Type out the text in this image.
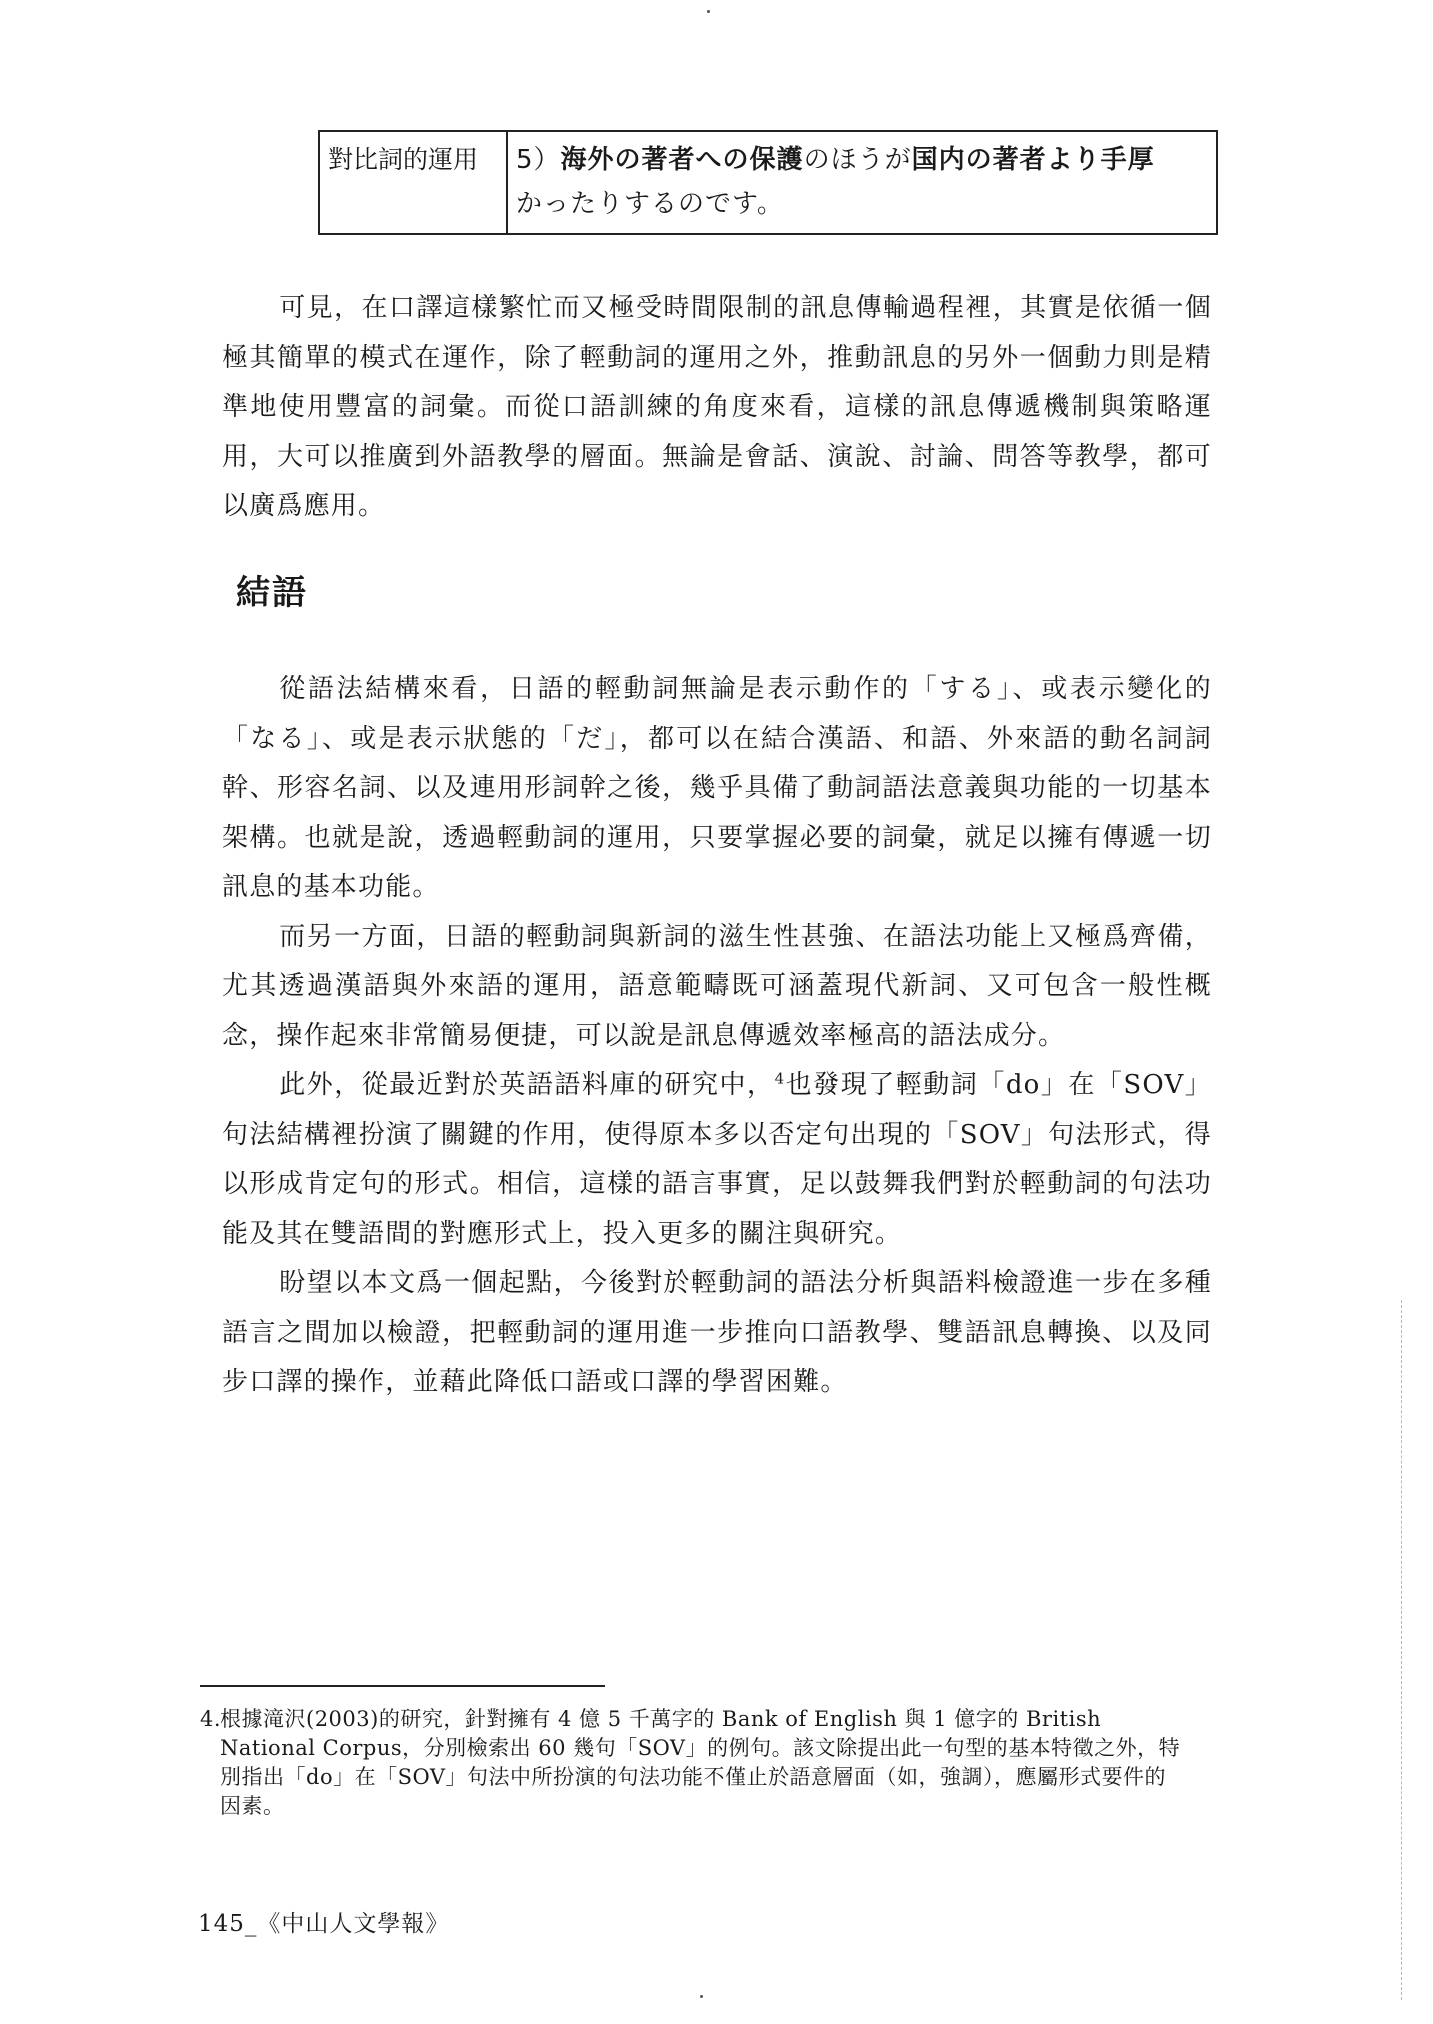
對比詞的運用	5）海外の著者への保護のほうが国内の著者より手厚
かったりするのです。

可見，在口譯這樣繁忙而又極受時間限制的訊息傳輸過程裡，其實是依循一個極其簡單的模式在運作，除了輕動詞的運用之外，推動訊息的另外一個動力則是精準地使用豐富的詞彙。而從口語訓練的角度來看，這樣的訊息傳遞機制與策略運用，大可以推廣到外語教學的層面。無論是會話、演說、討論、問答等教學，都可以廣爲應用。

結語

從語法結構來看，日語的輕動詞無論是表示動作的「する」、或表示變化的「なる」、或是表示狀態的「だ」，都可以在結合漢語、和語、外來語的動名詞詞幹、形容名詞、以及連用形詞幹之後，幾乎具備了動詞語法意義與功能的一切基本架構。也就是說，透過輕動詞的運用，只要掌握必要的詞彙，就足以擁有傳遞一切訊息的基本功能。

而另一方面，日語的輕動詞與新詞的滋生性甚強、在語法功能上又極爲齊備，尤其透過漢語與外來語的運用，語意範疇既可涵蓋現代新詞、又可包含一般性概念，操作起來非常簡易便捷，可以說是訊息傳遞效率極高的語法成分。

此外，從最近對於英語語料庫的研究中，$^4$也發現了輕動詞「do」在「SOV」句法結構裡扮演了關鍵的作用，使得原本多以否定句出現的「SOV」句法形式，得以形成肯定句的形式。相信，這樣的語言事實，足以鼓舞我們對於輕動詞的句法功能及其在雙語間的對應形式上，投入更多的關注與研究。

盼望以本文爲一個起點，今後對於輕動詞的語法分析與語料檢證進一步在多種語言之間加以檢證，把輕動詞的運用進一步推向口語教學、雙語訊息轉換、以及同步口譯的操作，並藉此降低口語或口譯的學習困難。

4.
根據滝沢(2003)的研究，針對擁有 4 億 5 千萬字的 Bank of English 與 1 億字的 British National Corpus，分別檢索出 60 幾句「SOV」的例句。該文除提出此一句型的基本特徵之外，特別指出「do」在「SOV」句法中所扮演的句法功能不僅止於語意層面（如，強調），應屬形式要件的因素。
145_《中山人文學報》
